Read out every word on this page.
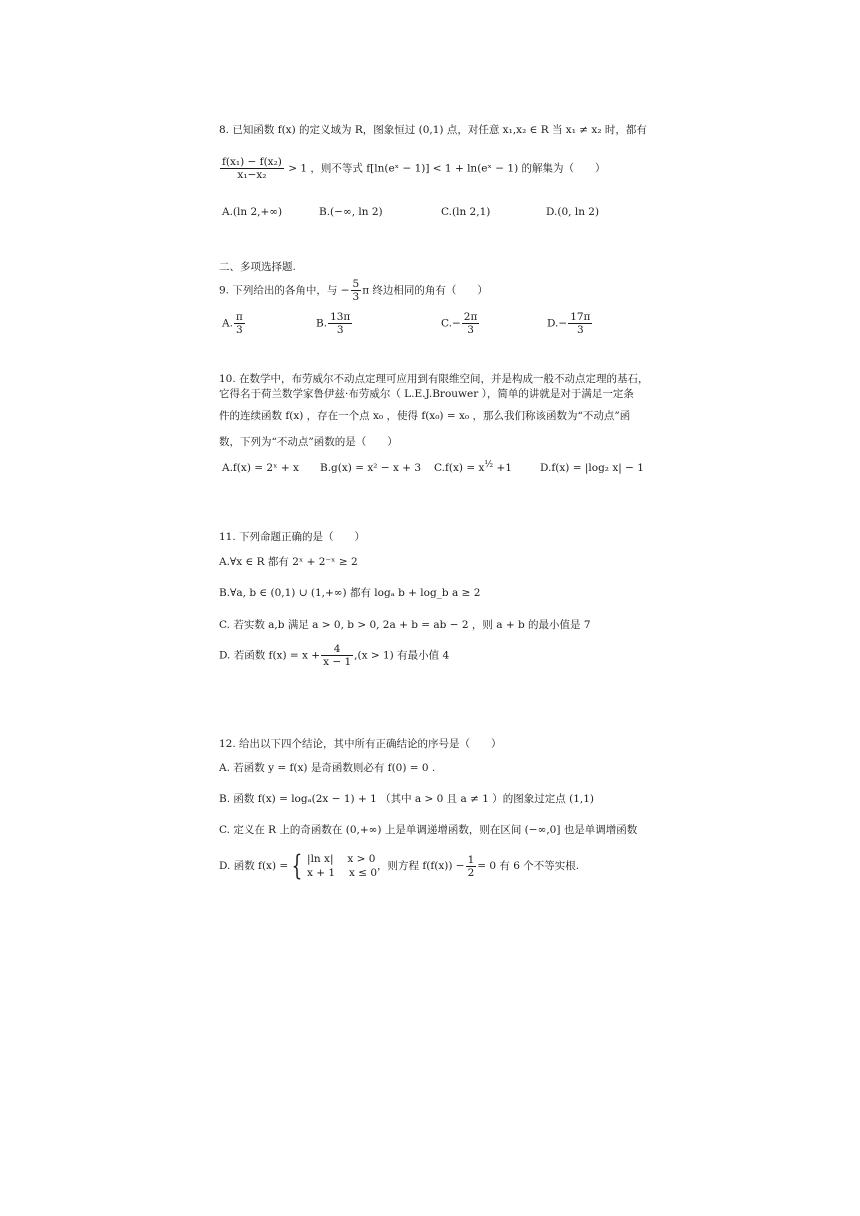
8. 已知函数 f(x) 的定义域为 R，图象恒过 (0,1) 点，对任意 x₁,x₂ ∈ R 当 x₁ ≠ x₂ 时，都有
$\frac{\text{f(x₁) − f(x₂)}}{\text{x₁−x₂}} > 1$ ，则不等式 f[ln(eˣ − 1)] < 1 + ln(eˣ − 1) 的解集为（　　）
A.(ln 2,+∞)	B.(−∞, ln 2)	C.(ln 2,1)	D.(0, ln 2)
二、多项选择题.
9. 下列给出的各角中，与 − $\frac{5}{3}$ π 终边相同的角有（　　）
A. $\frac{\pi}{3}$	B. $\frac{13\pi}{3}$	$C.- \frac{2\pi}{3}$	$D.- \frac{17\pi}{3}$
10. 在数学中，布劳威尔不动点定理可应用到有限维空间，并是构成一般不动点定理的基石，
它得名于荷兰数学家鲁伊兹·布劳威尔（ L.E.J.Brouwer ），简单的讲就是对于满足一定条
件的连续函数 f(x) ，存在一个点 x₀ ，使得 f(x₀) = x₀ ，那么我们称该函数为“不动点”函
数，下列为“不动点”函数的是（　　）
A.f(x) = 2ˣ + x B.g(x) = x² − x + 3 C.f(x) = x½ +1	D.f(x) = |log₂ x| − 1
11. 下列命题正确的是（　　）
A.∀x ∈ R 都有 2ˣ + 2⁻ˣ ≥ 2
B.∀a, b ∈ (0,1) ∪ (1,+∞) 都有 logₐ b + log_b a ≥ 2
C. 若实数 a,b 满足 a > 0, b > 0, 2a + b = ab − 2 ，则 a + b 的最小值是 7
D. 若函数 $f(x) = x + \frac{4}{x - 1} ,(x > 1)$ 有最小值 4
12. 给出以下四个结论，其中所有正确结论的序号是（　　）
A. 若函数 y = f(x) 是奇函数则必有 f(0) = 0 .
B. 函数 f(x) = logₐ(2x − 1) + 1 （其中 a > 0 且 a ≠ 1 ）的图象过定点 (1,1)
C. 定义在 R 上的奇函数在 (0,+∞) 上是单调递增函数，则在区间 (−∞,0] 也是单调增函数
D. 函数 f(x) = { |ln x|　 x > 0
x + 1　 x ≤ 0
，则方程 $f(f(x)) - \frac{1}{2} = 0$ 有 6 个不等实根.
